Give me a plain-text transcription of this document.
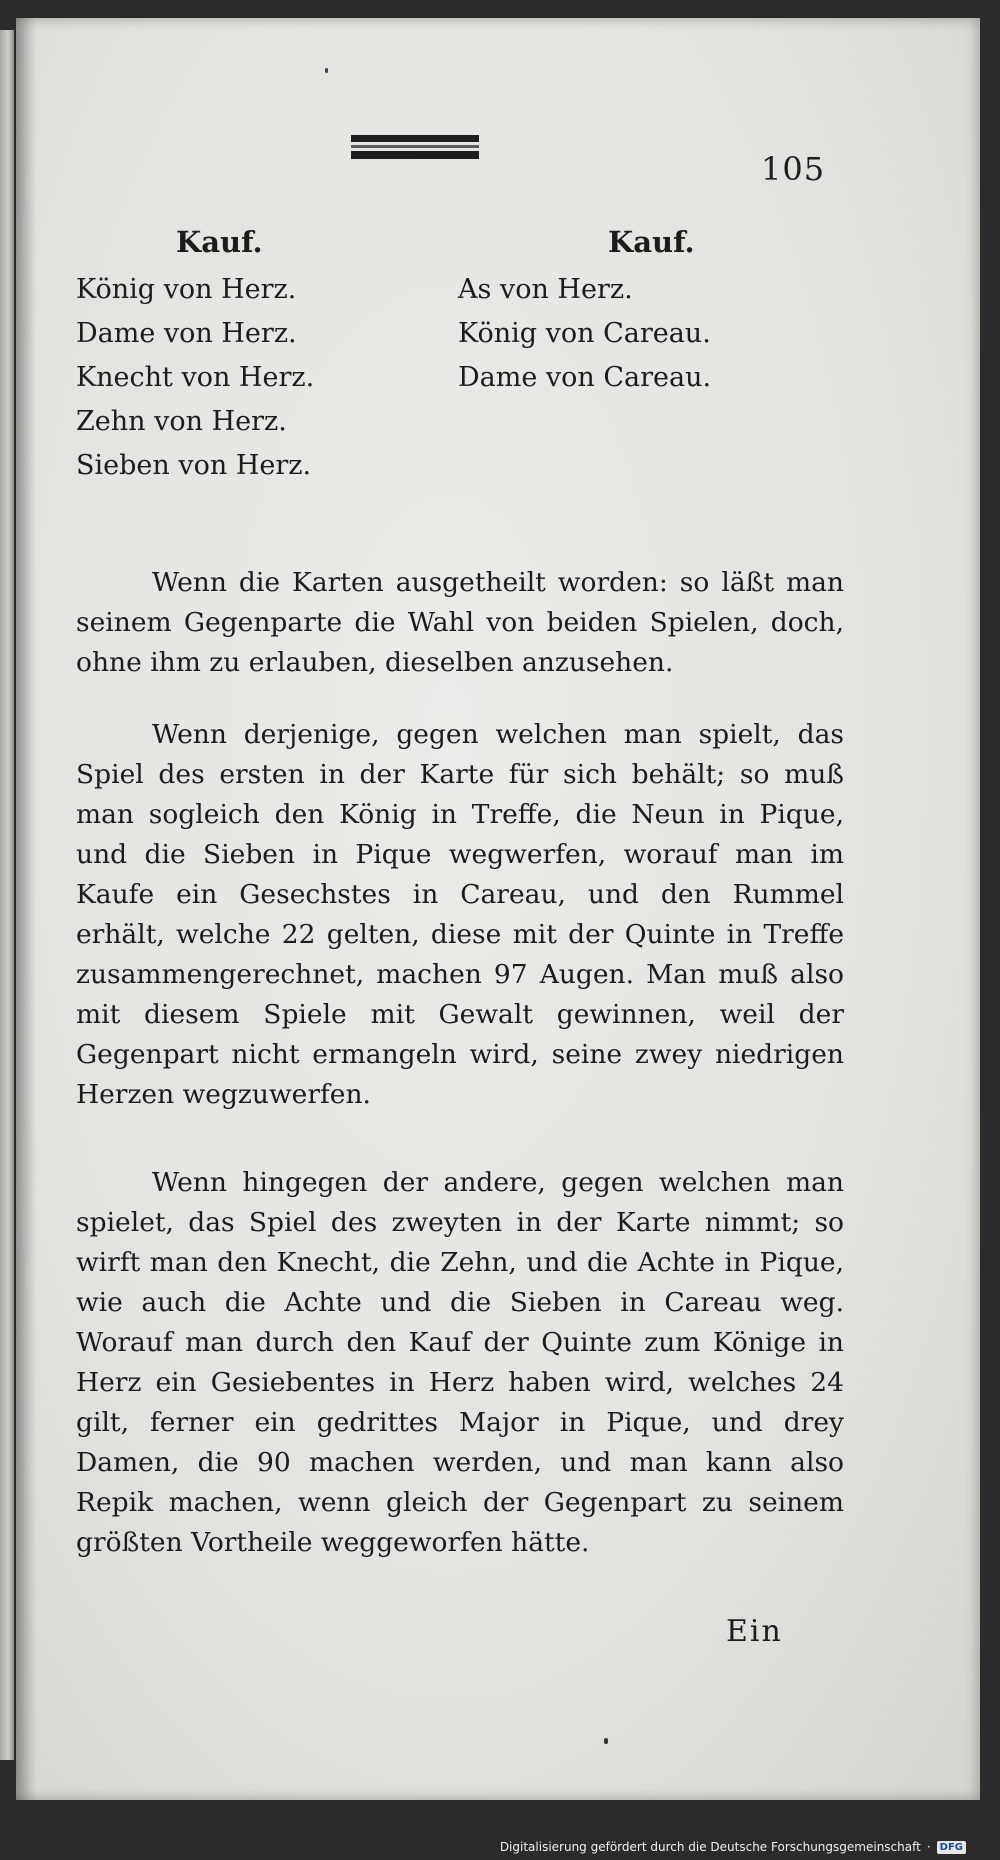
105
Kauf.
König von Herz.
Dame von Herz.
Knecht von Herz.
Zehn von Herz.
Sieben von Herz.
Kauf.
As von Herz.
König von Careau.
Dame von Careau.

Wenn die Karten ausgetheilt worden: so läßt man seinem Gegenparte die Wahl von beiden Spielen, doch, ohne ihm zu erlauben, dieselben anzusehen.

Wenn derjenige, gegen welchen man spielt, das Spiel des ersten in der Karte für sich behält; so muß man sogleich den König in Treffe, die Neun in Pique, und die Sieben in Pique wegwerfen, worauf man im Kaufe ein Gesechstes in Careau, und den Rummel erhält, welche 22 gelten, diese mit der Quinte in Treffe zusammengerechnet, machen 97 Augen. Man muß also mit diesem Spiele mit Gewalt gewinnen, weil der Gegenpart nicht ermangeln wird, seine zwey niedrigen Herzen wegzuwerfen.

Wenn hingegen der andere, gegen welchen man spielet, das Spiel des zweyten in der Karte nimmt; so wirft man den Knecht, die Zehn, und die Achte in Pique, wie auch die Achte und die Sieben in Careau weg. Worauf man durch den Kauf der Quinte zum Könige in Herz ein Gesiebentes in Herz haben wird, welches 24 gilt, ferner ein gedrittes Major in Pique, und drey Damen, die 90 machen werden, und man kann also Repik machen, wenn gleich der Gegenpart zu seinem größten Vortheile weggeworfen hätte.

Ein
Digitalisierung gefördert durch die Deutsche Forschungsgemeinschaft · DFG
